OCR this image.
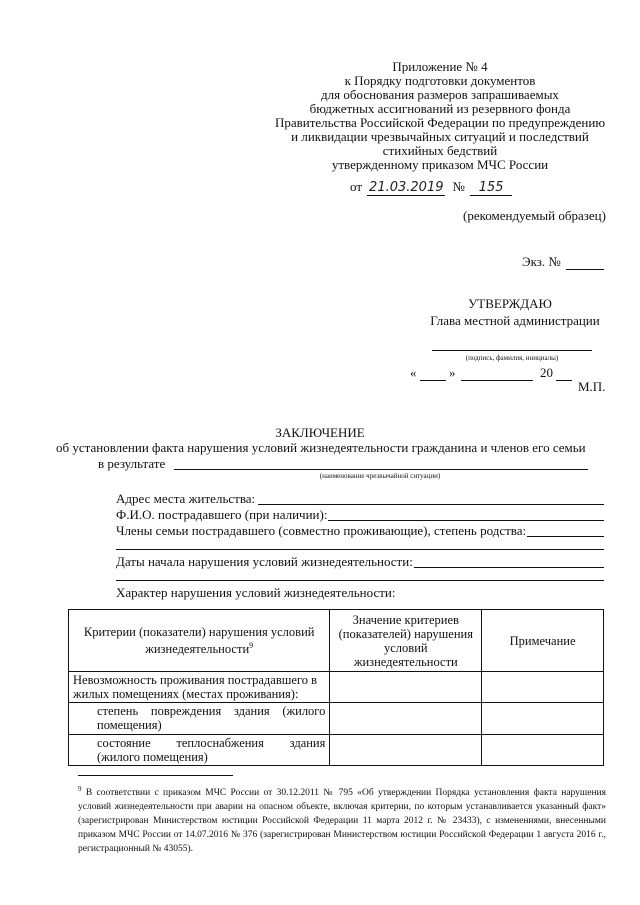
Приложение № 4
к Порядку подготовки документов
для обоснования размеров запрашиваемых
бюджетных ассигнований из резервного фонда
Правительства Российской Федерации по предупреждению
и ликвидации чрезвычайных ситуаций и последствий
стихийных бедствий
утвержденному приказом МЧС России
от 21.03.2019 № 155
(рекомендуемый образец)
Экз. №
УТВЕРЖДАЮ
Глава местной администрации
(подпись, фамилия, инициалы)
«	»	20
М.П.
ЗАКЛЮЧЕНИЕ
об установлении факта нарушения условий жизнедеятельности гражданина и членов его семьи
в результате
(наименование чрезвычайной ситуации)
Адрес места жительства:
Ф.И.О. пострадавшего (при наличии):
Члены семьи пострадавшего (совместно проживающие), степень родства:
Даты начала нарушения условий жизнедеятельности:
Характер нарушения условий жизнедеятельности:
Критерии (показатели) нарушения условий жизнедеятельности$^9$	Значение критериев (показателей) нарушения условий жизнедеятельности	Примечание
Невозможность проживания пострадавшего в жилых помещениях (местах проживания):		
степень повреждения здания (жилого помещения)		
состояние теплоснабжения здания (жилого помещения)		
$^9$ В соответствии с приказом МЧС России от 30.12.2011 № 795 «Об утверждении Порядка установления факта нарушения условий жизнедеятельности при аварии на опасном объекте, включая критерии, по которым устанавливается указанный факт» (зарегистрирован Министерством юстиции Российской Федерации 11 марта 2012 г. № 23433), с изменениями, внесенными приказом МЧС России от 14.07.2016 № 376 (зарегистрирован Министерством юстиции Российской Федерации 1 августа 2016 г., регистрационный № 43055).
